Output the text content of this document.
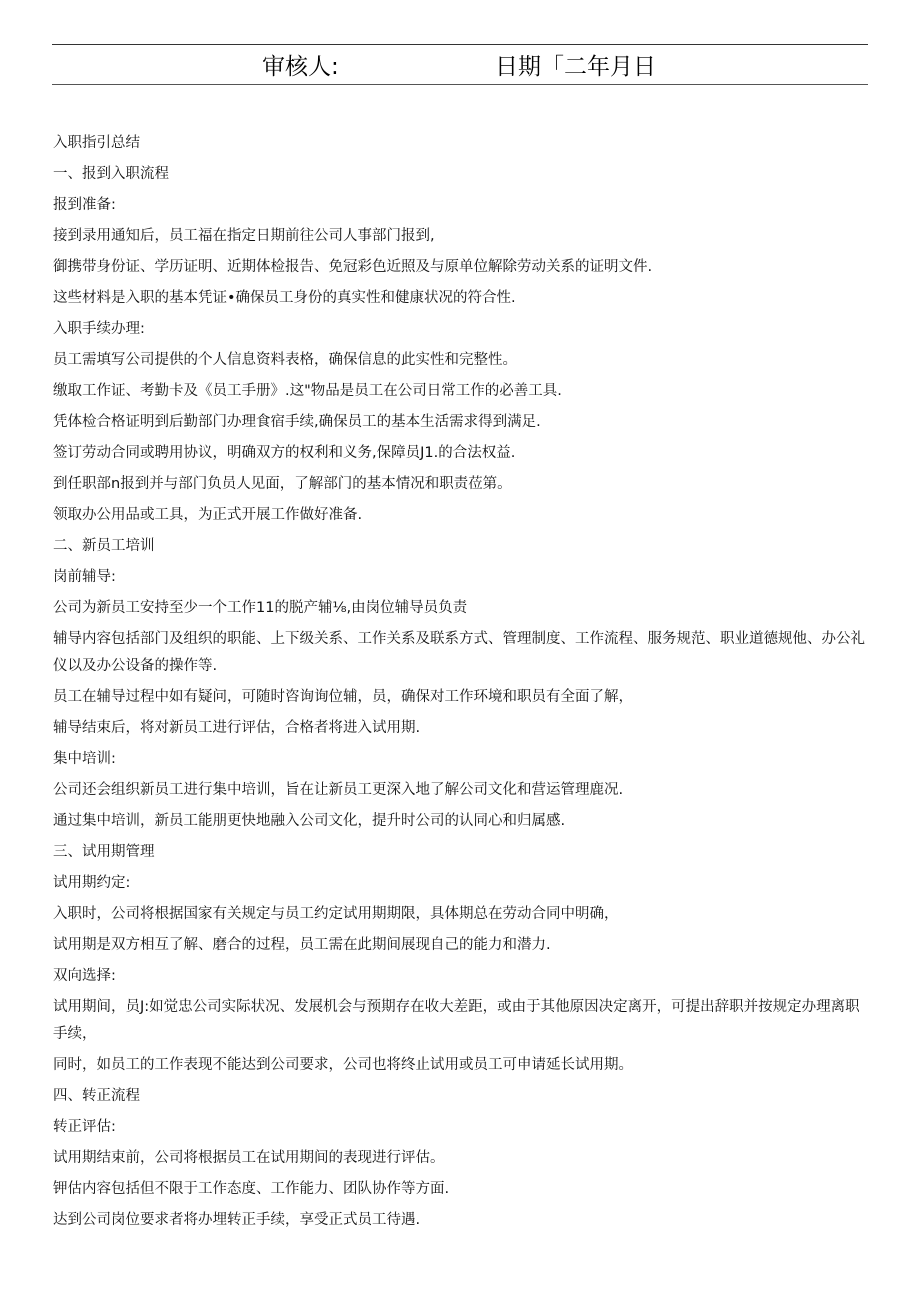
审核人:	日期「二年月日
入职指引总结
一、报到入职流程
报到准备:
接到录用通知后，员工福在指定日期前往公司人事部门报到,
御携带身份证、学历证明、近期体检报告、免冠彩色近照及与原单位解除劳动关系的证明文件.
这些材料是入职的基本凭证•确保员工身份的真实性和健康状况的符合性.
入职手续办理:
员工需填写公司提供的个人信息资料表格，确保信息的此实性和完整性。
缴取工作证、考勤卡及《员工手册》.这"物品是员工在公司日常工作的必善工具.
凭体检合格证明到后勤部门办理食宿手续,确保员工的基本生活需求得到满足.
签订劳动合同或聘用协议，明确双方的权利和义务,保障员J1.的合法权益.
到任职部n报到并与部门负员人见面，了解部门的基本情况和职责莅第。
领取办公用品或工具，为正式开展工作做好准备.
二、新员工培训
岗前辅导:
公司为新员工安持至少一个工作11的脱产辅⅛,由岗位辅导员负责
辅导内容包括部门及组织的职能、上下级关系、工作关系及联系方式、管理制度、工作流程、服务规范、职业道德规他、办公礼仪以及办公设备的操作等.
员工在辅导过程中如有疑问，可随时咨询询位辅，员，确保对工作环境和职员有全面了解，
辅导结束后，将对新员工进行评估，合格者将进入试用期.
集中培训:
公司还会组织新员工进行集中培训，旨在让新员工更深入地了解公司文化和营运管理鹿况.
通过集中培训，新员工能朋更快地融入公司文化，提升时公司的认同心和归属感.
三、试用期管理
试用期约定:
入职时，公司将根据国家有关规定与员工约定试用期期限，具体期总在劳动合同中明确，
试用期是双方相互了解、磨合的过程，员工需在此期间展现自己的能力和潜力.
双向选择:
试用期间，员J:如觉忠公司实际状况、发展机会与预期存在收大差距，或由于其他原因决定离开，可提出辞职并按规定办理离职手续，
同时，如员工的工作表现不能达到公司要求，公司也将终止试用或员工可申请延长试用期。
四、转正流程
转正评估:
试用期结束前，公司将根据员工在试用期间的表现进行评估。
钾估内容包括但不限于工作态度、工作能力、团队协作等方面.
达到公司岗位要求者将办埋转正手续，享受正式员工待遇.
